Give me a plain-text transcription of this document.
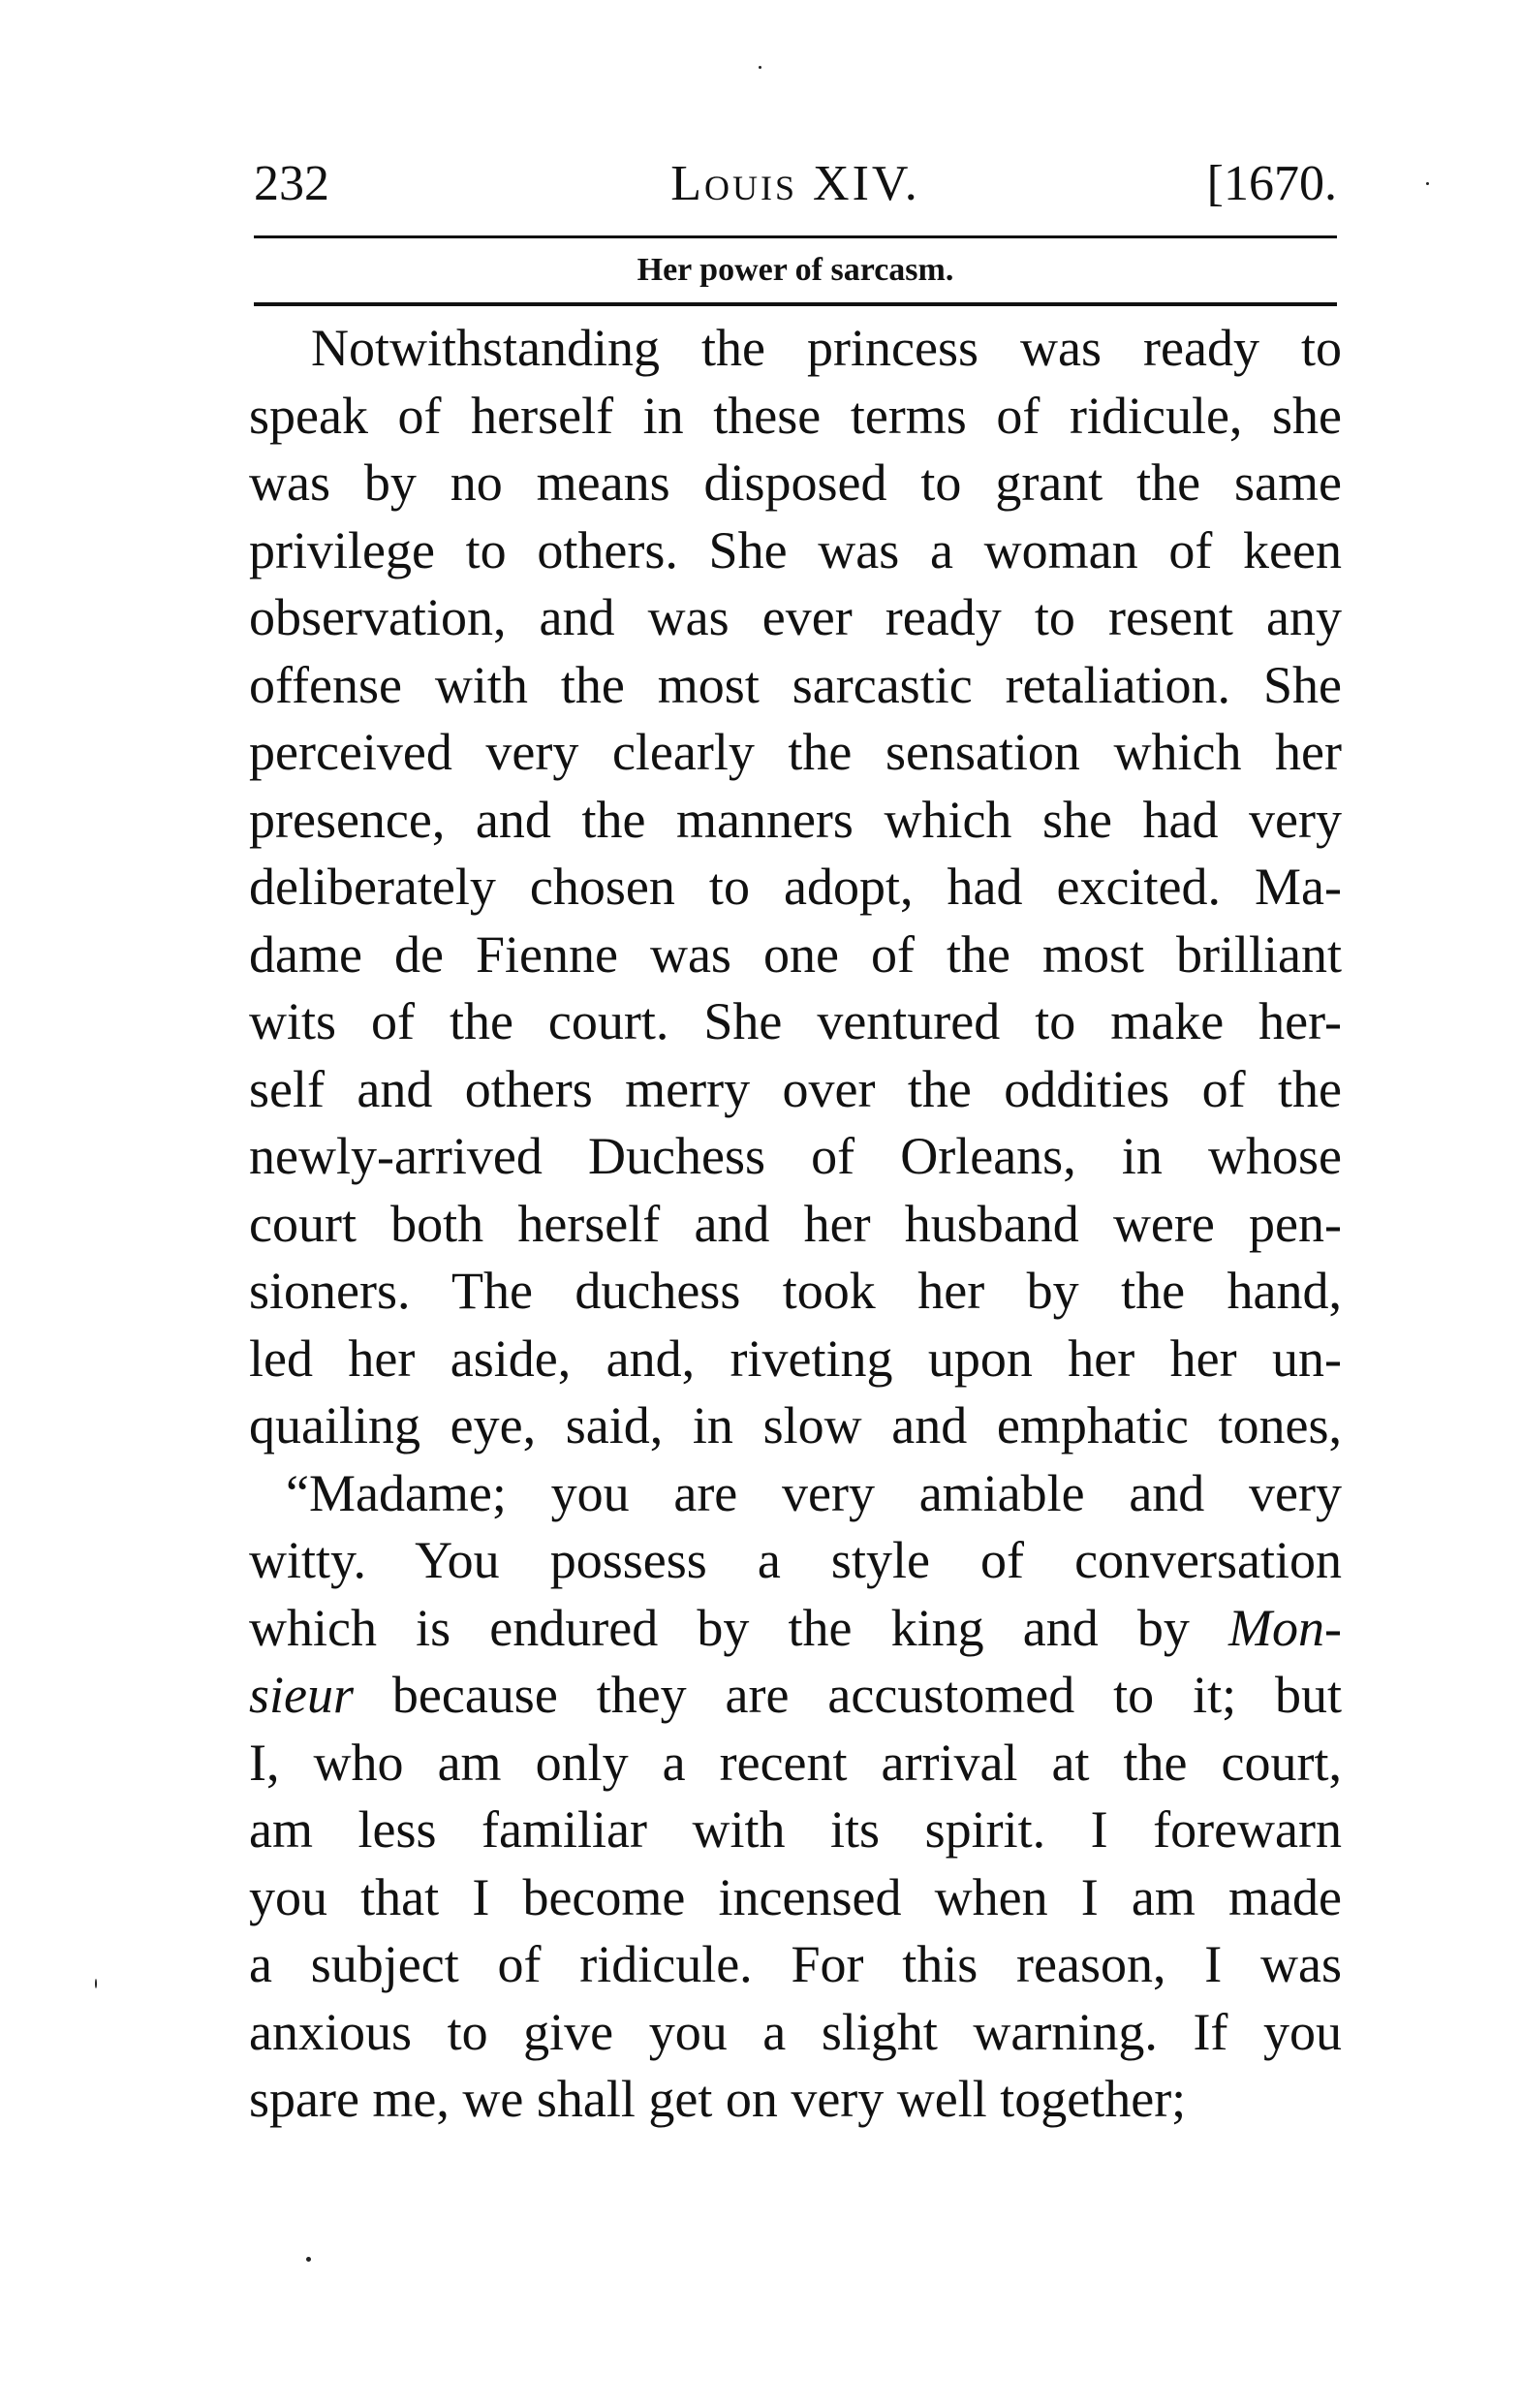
232	Louis XIV.	[1670.
Her power of sarcasm.
Notwithstanding the princess was ready to
speak of herself in these terms of ridicule, she
was by no means disposed to grant the same
privilege to others. She was a woman of keen
observation, and was ever ready to resent any
offense with the most sarcastic retaliation. She
perceived very clearly the sensation which her
presence, and the manners which she had very
deliberately chosen to adopt, had excited. Ma-
dame de Fienne was one of the most brilliant
wits of the court. She ventured to make her-
self and others merry over the oddities of the
newly-arrived Duchess of Orleans, in whose
court both herself and her husband were pen-
sioners. The duchess took her by the hand,
led her aside, and, riveting upon her her un-
quailing eye, said, in slow and emphatic tones,
“Madame; you are very amiable and very
witty. You possess a style of conversation
which is endured by the king and by Mon-
sieur because they are accustomed to it; but
I, who am only a recent arrival at the court,
am less familiar with its spirit. I forewarn
you that I become incensed when I am made
a subject of ridicule. For this reason, I was
anxious to give you a slight warning. If you
spare me, we shall get on very well together;
